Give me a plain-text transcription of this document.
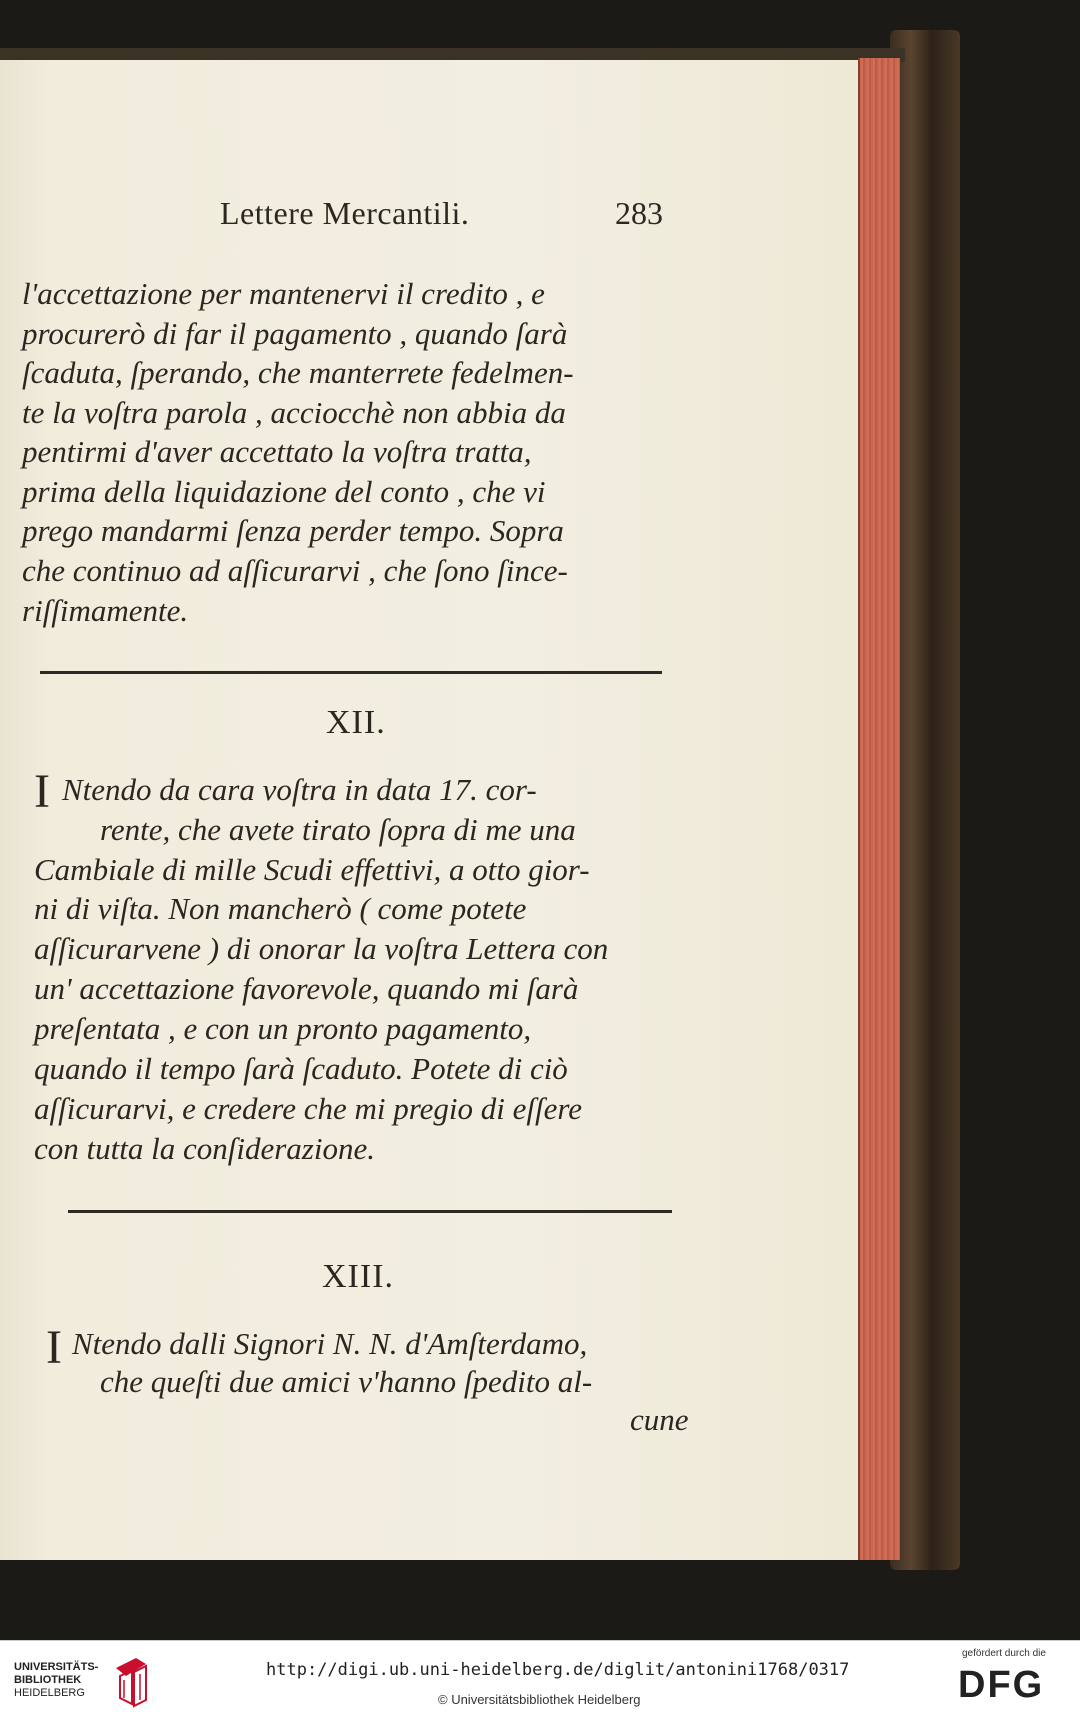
Lettere Mercantili.	283
l'accettazione per mantenervi il credito , e
procurerò di far il pagamento , quando ſarà
ſcaduta, ſperando, che manterrete fedelmen-
te la voſtra parola , acciocchè non abbia da
pentirmi d'aver accettato la voſtra tratta,
prima della liquidazione del conto , che vi
prego mandarmi ſenza perder tempo. Sopra
che continuo ad aſſicurarvi , che ſono ſince-
riſſimamente.
XII.
I Ntendo da cara voſtra in data 17. cor-
rente, che avete tirato ſopra di me una
Cambiale di mille Scudi effettivi, a otto gior-
ni di viſta. Non mancherò ( come potete
aſſicurarvene ) di onorar la voſtra Lettera con
un' accettazione favorevole, quando mi ſarà
preſentata , e con un pronto pagamento,
quando il tempo ſarà ſcaduto. Potete di ciò
aſſicurarvi, e credere che mi pregio di eſſere
con tutta la conſiderazione.
XIII.
I Ntendo dalli Signori N. N. d'Amſterdamo,
che queſti due amici v'hanno ſpedito al-
cune
UNIVERSITÄTS-
BIBLIOTHEK
HEIDELBERG
http://digi.ub.uni-heidelberg.de/diglit/antonini1768/0317
© Universitätsbibliothek Heidelberg
gefördert durch die
DFG
